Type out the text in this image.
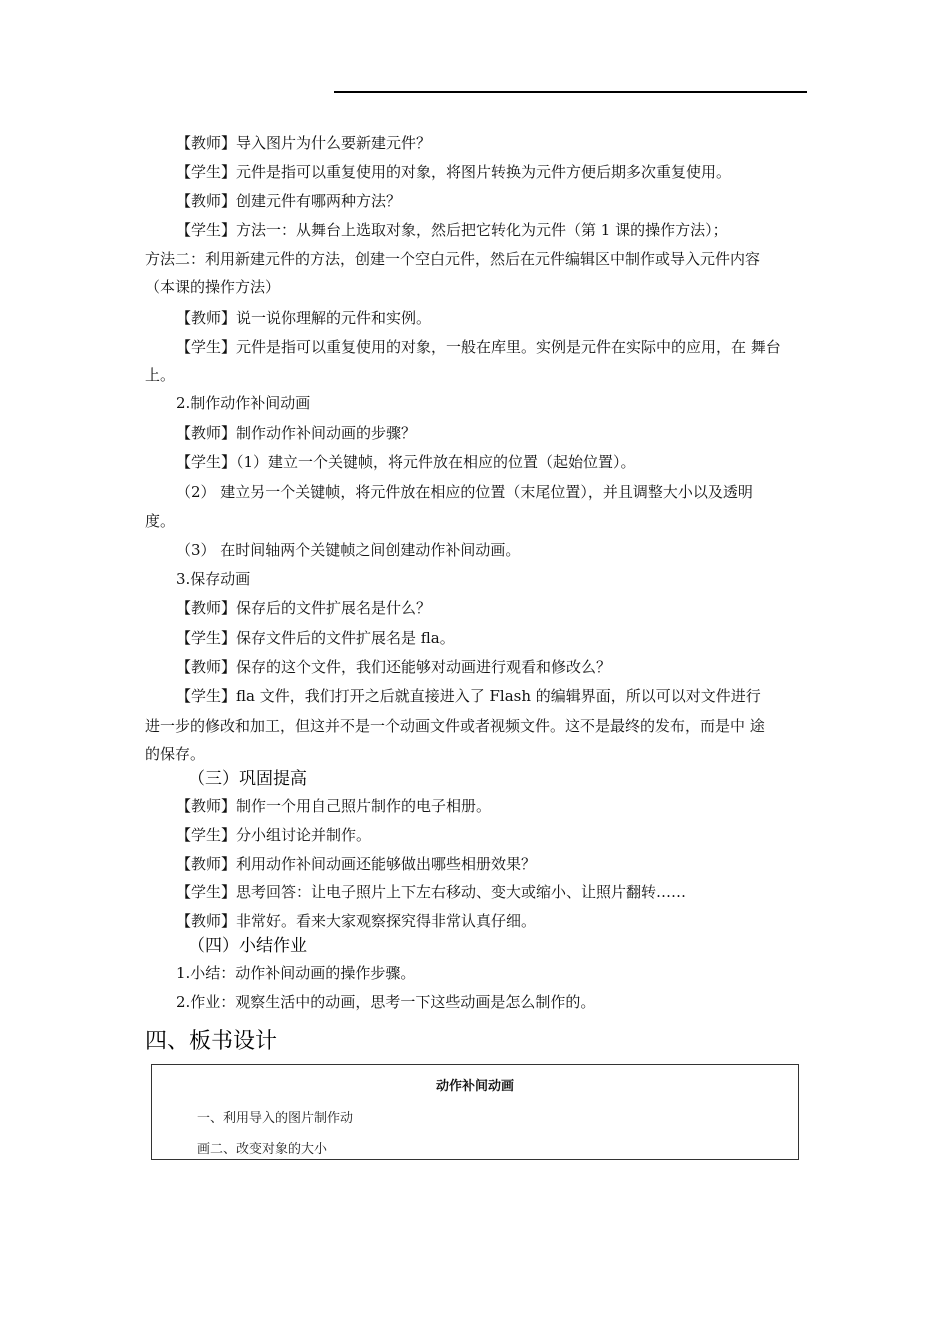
【教师】导入图片为什么要新建元件？
【学生】元件是指可以重复使用的对象，将图片转换为元件方便后期多次重复使用。
【教师】创建元件有哪两种方法？
【学生】方法一：从舞台上选取对象，然后把它转化为元件（第 1 课的操作方法）；
方法二：利用新建元件的方法，创建一个空白元件，然后在元件编辑区中制作或导入元件内容
（本课的操作方法）
【教师】说一说你理解的元件和实例。
【学生】元件是指可以重复使用的对象，一般在库里。实例是元件在实际中的应用，在 舞台
上。
2.制作动作补间动画
【教师】制作动作补间动画的步骤？
【学生】（1）建立一个关键帧，将元件放在相应的位置（起始位置）。
（2） 建立另一个关键帧，将元件放在相应的位置（末尾位置），并且调整大小以及透明
度。
（3） 在时间轴两个关键帧之间创建动作补间动画。
3.保存动画
【教师】保存后的文件扩展名是什么？
【学生】保存文件后的文件扩展名是 fla。
【教师】保存的这个文件，我们还能够对动画进行观看和修改么？
【学生】fla 文件，我们打开之后就直接进入了 Flash 的编辑界面，所以可以对文件进行
进一步的修改和加工，但这并不是一个动画文件或者视频文件。这不是最终的发布，而是中 途
的保存。
（三）巩固提高
【教师】制作一个用自己照片制作的电子相册。
【学生】分小组讨论并制作。
【教师】利用动作补间动画还能够做出哪些相册效果？
【学生】思考回答：让电子照片上下左右移动、变大或缩小、让照片翻转……
【教师】非常好。看来大家观察探究得非常认真仔细。
（四）小结作业
1.小结：动作补间动画的操作步骤。
2.作业：观察生活中的动画，思考一下这些动画是怎么制作的。
四、板书设计
动作补间动画
一、利用导入的图片制作动
画二、改变对象的大小
